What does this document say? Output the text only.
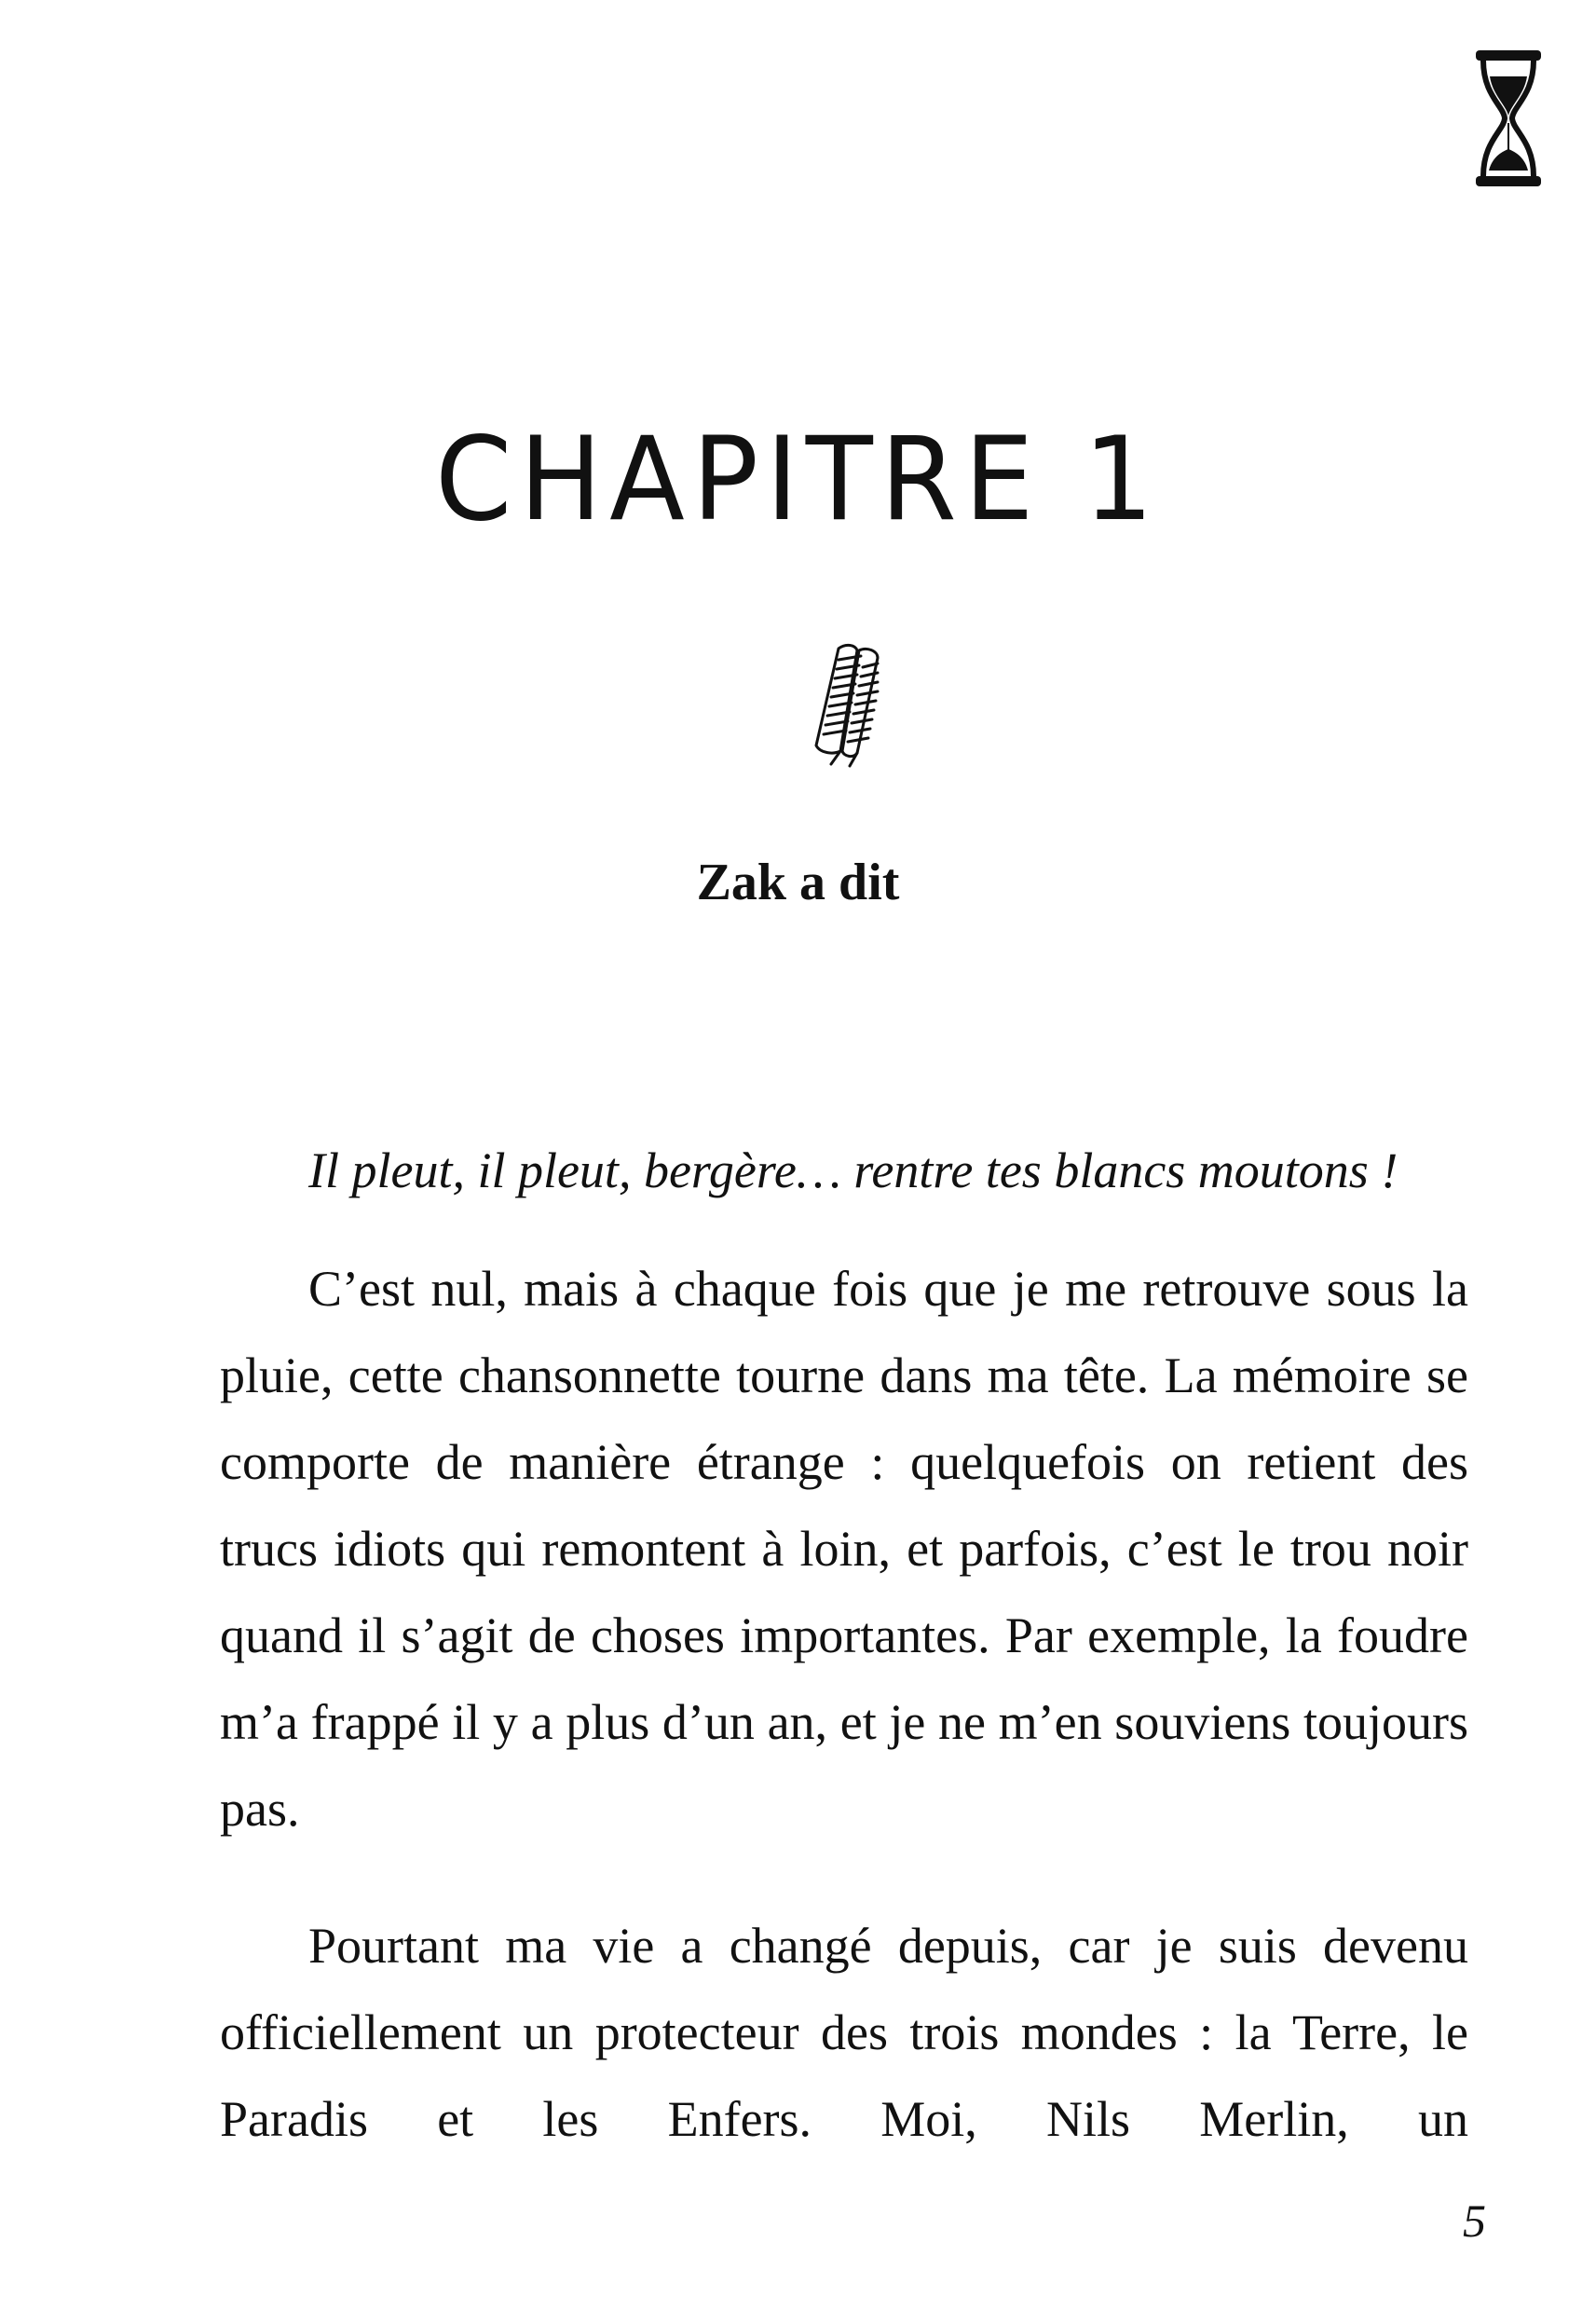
CHAPITRE 1
Zak a dit

Il pleut, il pleut, bergère… rentre tes blancs moutons !

C’est nul, mais à chaque fois que je me retrouve sous la pluie, cette chansonnette tourne dans ma tête. La mémoire se comporte de manière étrange : quelquefois on retient des trucs idiots qui remontent à loin, et parfois, c’est le trou noir quand il s’agit de choses importantes. Par exemple, la foudre m’a frappé il y a plus d’un an, et je ne m’en souviens toujours pas.

Pourtant ma vie a changé depuis, car je suis devenu officiellement un protecteur des trois mondes : la Terre, le Paradis et les Enfers. Moi, Nils Merlin, un

5
